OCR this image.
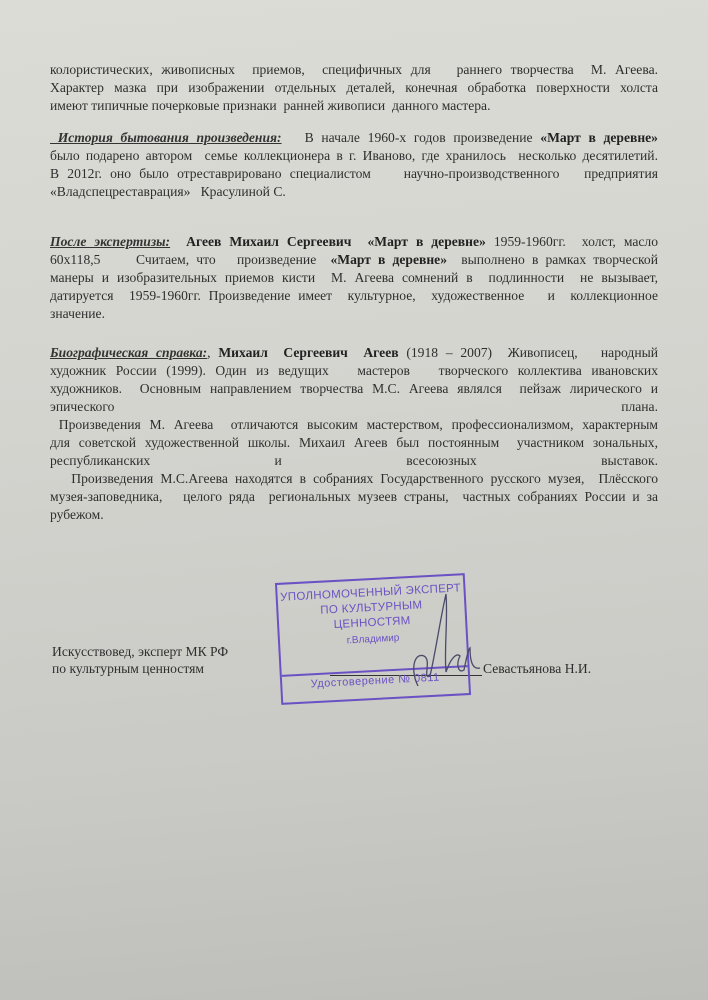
колористических, живописных  приемов,  специфичных для   раннего творчества  М. Агеева.
Характер мазка при изображении отдельных деталей, конечная обработка поверхности холста
имеют типичные почерковые признаки  ранней живописи  данного мастера.
История бытования произведения:   В начале 1960-х годов произведение «Март в деревне»
было подарено автором  семье коллекционера в г. Иваново, где хранилось  несколько десятилетий.
В 2012г. оно было отреставрировано специалистом    научно-производственного   предприятия
«Владспецреставрация»   Красулиной С.
После экспертизы: Агеев Михаил Сергеевич  «Март в деревне» 1959-1960гг.  холст, масло
60х118,5     Считаем, что   произведение  «Март в деревне»  выполнено в рамках творческой
манеры и изобразительных приемов кисти  М. Агеева сомнений в  подлинности  не вызывает,
датируется  1959-1960гг. Произведение имеет  культурное,  художественное   и  коллекционное
значение.
Биографическая справка:, Михаил  Сергеевич  Агеев (1918 – 2007)  Живописец,   народный
художник России (1999). Один из ведущих   мастеров   творческого коллектива ивановских
художников.  Основным направлением творчества М.С. Агеева являлся  пейзаж лирического и
эпического плана.
Произведения М. Агеева  отличаются высоким мастерством, профессионализмом, характерным
для советской художественной школы. Михаил Агеев был постоянным  участником зональных,
республиканских и всесоюзных выставок.
Произведения М.С.Агеева находятся в собраниях Государственного русского музея,  Плёсского
музея-заповедника,   целого ряда  региональных музеев страны,  частных собраниях России и за
рубежом.
Искусствовед, эксперт МК РФ
по культурным ценностям	Севастьянова Н.И.
УПОЛНОМОЧЕННЫЙ ЭКСПЕРТ
ПО КУЛЬТУРНЫМ
ЦЕННОСТЯМ
г.Владимир
Удостоверение № 0811
